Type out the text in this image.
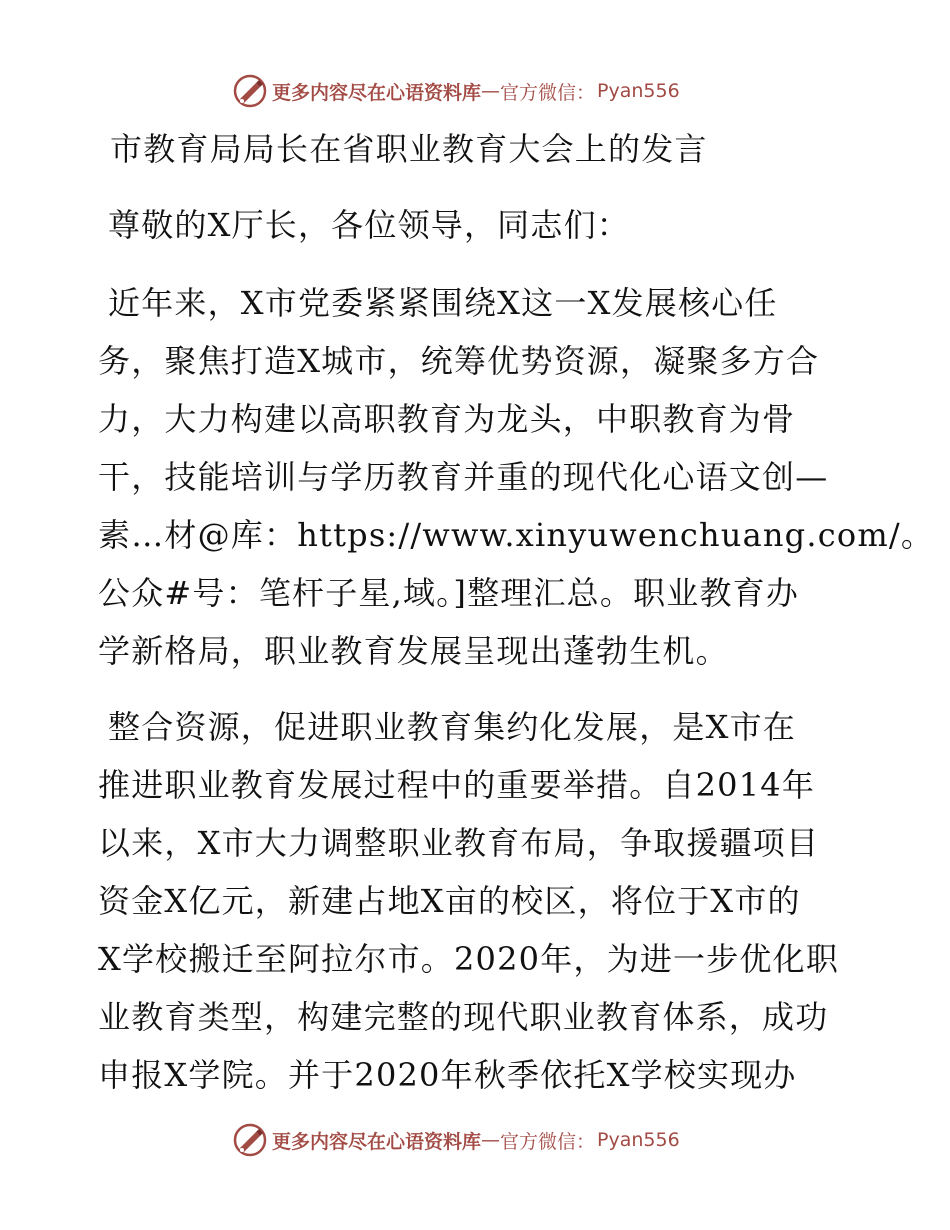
更多内容尽在心语资料库 — 官方微信： Pyan556
市教育局局长在省职业教育大会上的发言

尊敬的X厅长，各位领导，同志们：

近年来，X市党委紧紧围绕X这一X发展核心任
务，聚焦打造X城市，统筹优势资源，凝聚多方合
力，大力构建以高职教育为龙头，中职教育为骨
干，技能培训与学历教育并重的现代化心语文创—
素…材@库：https://www.xinyuwenchuang.com/。
公众#号：笔杆子星,域。]整理汇总。职业教育办
学新格局，职业教育发展呈现出蓬勃生机。

整合资源，促进职业教育集约化发展，是X市在
推进职业教育发展过程中的重要举措。自2014年
以来，X市大力调整职业教育布局，争取援疆项目
资金X亿元，新建占地X亩的校区，将位于X市的
X学校搬迁至阿拉尔市。2020年，为进一步优化职
业教育类型，构建完整的现代职业教育体系，成功
申报X学院。并于2020年秋季依托X学校实现办

更多内容尽在心语资料库 — 官方微信： Pyan556
